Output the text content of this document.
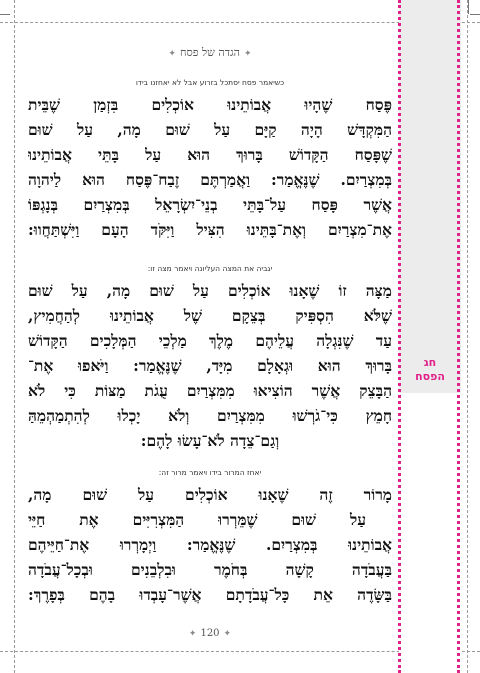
חג
הפסח
✦הגדה של פסח✦
כשיאמר פסח יסתכל בזרוע אבל לא יאחזנו בידו
פֶּסַח שֶׁהָיוּ אֲבוֹתֵינוּ אוֹכְלִים בִּזְמַן שֶׁבֵּית
הַמִּקְדָּשׁ הָיָה קַיָּם עַל שׁוּם מָה, עַל שׁוּם
שֶׁפָּסַח הַקָּדוֹשׁ בָּרוּךְ הוּא עַל בָּתֵּי אֲבוֹתֵינוּ
בְּמִצְרַיִם. שֶׁנֶּאֱמַר: וַאֲמַרְתֶּם זֶבַח־פֶּסַח הוּא לַיהוָה
אֲשֶׁר פָּסַח עַל־בָּתֵּי בְנֵי־יִשְׂרָאֵל בְּמִצְרַיִם בְּנָגְפּוֹ
אֶת־מִצְרַיִם וְאֶת־בָּתֵּינוּ הִצִּיל וַיִּקֹּד הָעָם וַיִּשְׁתַּחֲווּ:
יגביה את המצה העליונה ויאמר מצה זו:
מַצָּה זוֹ שֶׁאָנוּ אוֹכְלִים עַל שׁוּם מָה, עַל שׁוּם
שֶׁלֹּא הִסְפִּיק בְּצֵקָם שֶׁל אֲבוֹתֵינוּ לְהַחֲמִיץ,
עַד שֶׁנִּגְלָה עֲלֵיהֶם מֶלֶךְ מַלְכֵי הַמְּלָכִים הַקָּדוֹשׁ
בָּרוּךְ הוּא וּגְאָלָם מִיָּד, שֶׁנֶּאֱמַר: וַיֹּאפוּ אֶת־
הַבָּצֵק אֲשֶׁר הוֹצִיאוּ מִמִּצְרַיִם עֻגֹת מַצּוֹת כִּי לֹא
חָמֵץ כִּי־גֹרְשׁוּ מִמִּצְרַיִם וְלֹא יָכְלוּ לְהִתְמַהְמֵהַּ
וְגַם־צֵדָה לֹא־עָשׂוּ לָהֶם:
יאחז המרור בידו ויאמר מרור זה:
מָרוֹר זֶה שֶׁאָנוּ אוֹכְלִים עַל שׁוּם מָה,
עַל שׁוּם שֶׁמֵּרְרוּ הַמִּצְרִיִּים אֶת חַיֵּי
אֲבוֹתֵינוּ בְּמִצְרַיִם. שֶׁנֶּאֱמַר: וַיְמָרְרוּ אֶת־חַיֵּיהֶם
בַּעֲבֹדָה קָשָׁה בְּחֹמֶר וּבִלְבֵנִים וּבְכָל־עֲבֹדָה
בַּשָּׂדֶה אֵת כָּל־עֲבֹדָתָם אֲשֶׁר־עָבְדוּ בָהֶם בְּפָרֶךְ:
✦120✦
